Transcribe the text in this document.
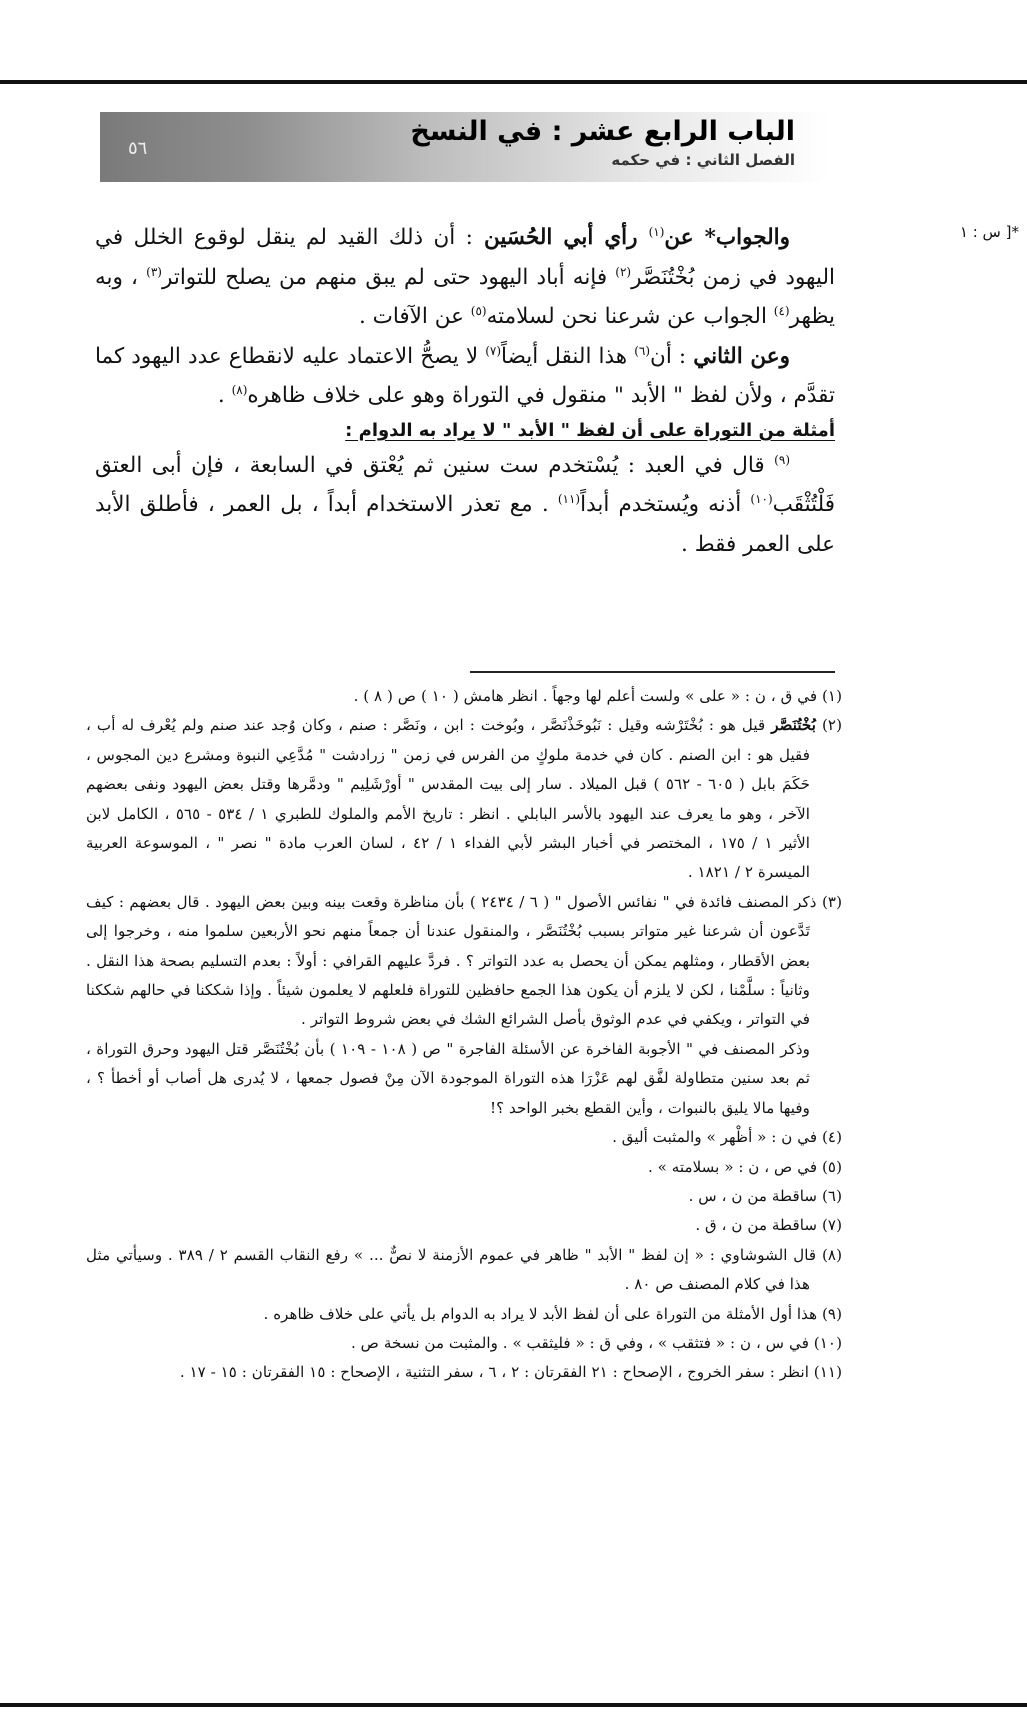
الباب الرابع عشر : في النسخ
الفصل الثاني : في حكمه
٥٦
*[ س : ١

والجواب* عن$^{(١)}$ رأي أبي الحُسَين : أن ذلك القيد لم ينقل لوقوع الخلل في اليهود في زمن بُخْتُنَصَّر$^{(٢)}$ فإنه أباد اليهود حتى لم يبق منهم من يصلح للتواتر$^{(٣)}$ ، وبه يظهر$^{(٤)}$ الجواب عن شرعنا نحن لسلامته$^{(٥)}$ عن الآفات .

وعن الثاني : أن$^{(٦)}$ هذا النقل أيضاً$^{(٧)}$ لا يصحُّ الاعتماد عليه لانقطاع عدد اليهود كما تقدَّم ، ولأن لفظ " الأبد " منقول في التوراة وهو على خلاف ظاهره$^{(٨)}$ .

أمثلة من التوراة على أن لفظ " الأبد " لا يراد به الدوام :

$^{(٩)}$ قال في العبد : يُسْتخدم ست سنين ثم يُعْتق في السابعة ، فإن أبى العتق فَلْتُثْقَب$^{(١٠)}$ أذنه ويُستخدم أبداً$^{(١١)}$ . مع تعذر الاستخدام أبداً ، بل العمر ، فأطلق الأبد على العمر فقط .

(١) في ق ، ن : « على » ولست أعلم لها وجهاً . انظر هامش ( ١٠ ) ص ( ٨ ) .

(٢) بُخْتُنَصَّر قيل هو : بُخْتَرْشه وقيل : نَبُوخَذْنَصَّر ، وبُوخت : ابن ، ونَصَّر : صنم ، وكان وُجد عند صنم ولم يُعْرف له أب ، فقيل هو : ابن الصنم . كان في خدمة ملوكٍ من الفرس في زمن " زرادشت " مُدَّعِي النبوة ومشرع دين المجوس ، حَكَمَ بابل ( ٦٠٥ - ٥٦٢ ) قبل الميلاد . سار إلى بيت المقدس " أورْشَلِيم " ودمَّرها وقتل بعض اليهود ونفى بعضهم الآخر ، وهو ما يعرف عند اليهود بالأسر البابلي . انظر : تاريخ الأمم والملوك للطبري ١ / ٥٣٤ - ٥٦٥ ، الكامل لابن الأثير ١ / ١٧٥ ، المختصر في أخبار البشر لأبي الفداء ١ / ٤٢ ، لسان العرب مادة " نصر " ، الموسوعة العربية الميسرة ٢ / ١٨٢١ .

(٣) ذكر المصنف فائدة في " نفائس الأصول " ( ٦ / ٢٤٣٤ ) بأن مناظرة وقعت بينه وبين بعض اليهود . قال بعضهم : كيف تَدَّعون أن شرعنا غير متواتر بسبب بُخْتُنَصَّر ، والمنقول عندنا أن جمعاً منهم نحو الأربعين سلموا منه ، وخرجوا إلى بعض الأقطار ، ومثلهم يمكن أن يحصل به عدد التواتر ؟ . فردَّ عليهم القرافي : أولاً : بعدم التسليم بصحة هذا النقل . وثانياً : سلَّمْنا ، لكن لا يلزم أن يكون هذا الجمع حافظين للتوراة فلعلهم لا يعلمون شيئاً . وإذا شككنا في حالهم شككنا في التواتر ، ويكفي في عدم الوثوق بأصل الشرائع الشك في بعض شروط التواتر .

وذكر المصنف في " الأجوبة الفاخرة عن الأسئلة الفاجرة " ص ( ١٠٨ - ١٠٩ ) بأن بُخْتُنَصَّر قتل اليهود وحرق التوراة ، ثم بعد سنين متطاولة لفَّق لهم عَزْرَا هذه التوراة الموجودة الآن مِنْ فصول جمعها ، لا يُدرى هل أصاب أو أخطأ ؟ ، وفيها مالا يليق بالنبوات ، وأين القطع بخبر الواحد ؟!

(٤) في ن : « أظْهر » والمثبت أليق .

(٥) في ص ، ن : « بسلامته » .

(٦) ساقطة من ن ، س .

(٧) ساقطة من ن ، ق .

(٨) قال الشوشاوي : « إن لفظ " الأبد " ظاهر في عموم الأزمنة لا نصٌّ ... » رفع النقاب القسم ٢ / ٣٨٩ . وسيأتي مثل هذا في كلام المصنف ص ٨٠ .

(٩) هذا أول الأمثلة من التوراة على أن لفظ الأبد لا يراد به الدوام بل يأتي على خلاف ظاهره .

(١٠) في س ، ن : « فتثقب » ، وفي ق : « فليثقب » . والمثبت من نسخة ص .

(١١) انظر : سفر الخروج ، الإصحاح : ٢١ الفقرتان : ٢ ، ٦ ، سفر التثنية ، الإصحاح : ١٥ الفقرتان : ١٥ - ١٧ .
